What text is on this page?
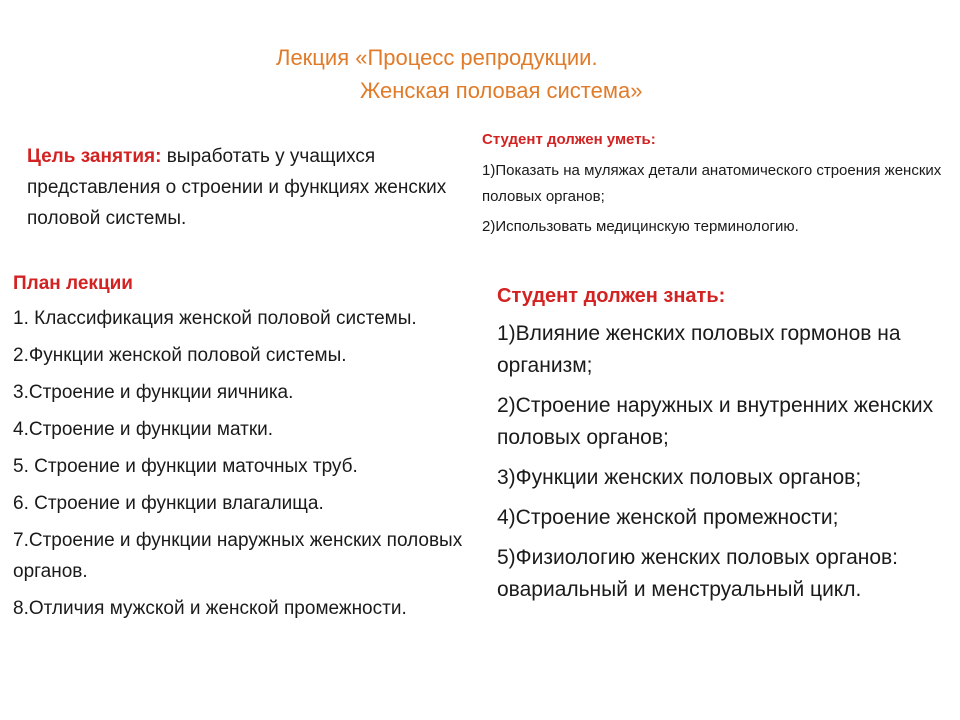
Лекция «Процесс репродукции.
Женская половая система»
Цель занятия: выработать у учащихся представления о строении и функциях женских половой системы.
Студент должен уметь:
1)Показать на муляжах детали анатомического строения женских половых органов;
2)Использовать медицинскую терминологию.
План лекции
1. Классификация женской половой системы.
2.Функции женской половой системы.
3.Строение и функции яичника.
4.Строение и функции матки.
5. Строение и функции маточных труб.
6. Строение и функции влагалища.
7.Строение и функции наружных женских половых органов.
8.Отличия мужской и женской промежности.
Студент должен знать:
1)Влияние женских половых гормонов на организм;
2)Строение наружных и внутренних женских половых органов;
3)Функции женских половых органов;
4)Строение женской промежности;
5)Физиологию женских половых органов: овариальный и менструальный цикл.
